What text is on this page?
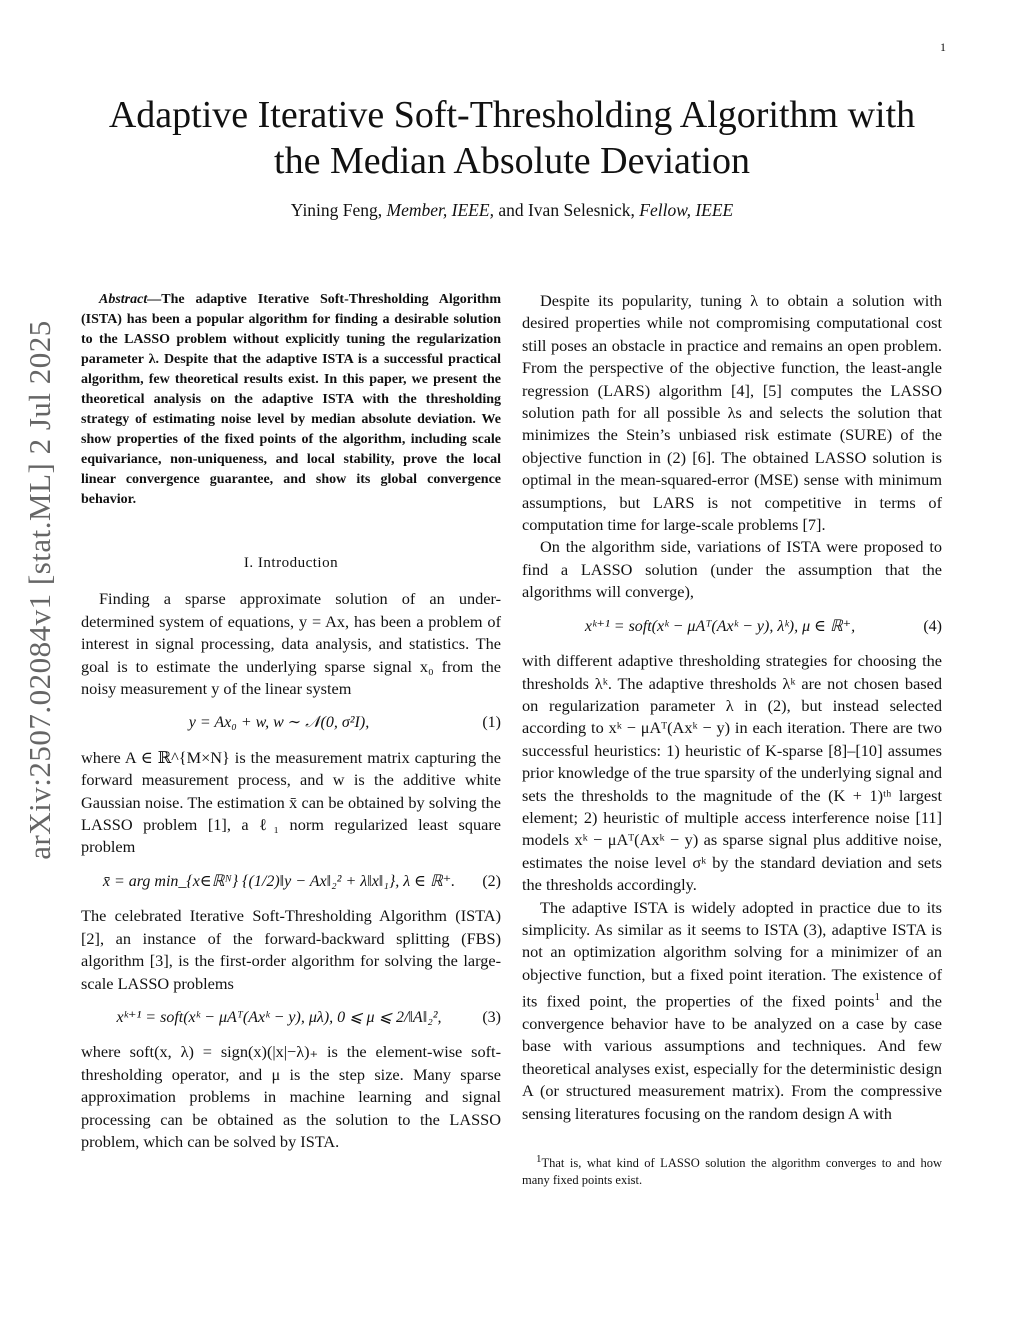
1
arXiv:2507.02084v1 [stat.ML] 2 Jul 2025
Adaptive Iterative Soft-Thresholding Algorithm with the Median Absolute Deviation
Yining Feng, Member, IEEE, and Ivan Selesnick, Fellow, IEEE

Abstract—The adaptive Iterative Soft-Thresholding Algorithm (ISTA) has been a popular algorithm for finding a desirable solution to the LASSO problem without explicitly tuning the regularization parameter λ. Despite that the adaptive ISTA is a successful practical algorithm, few theoretical results exist. In this paper, we present the theoretical analysis on the adaptive ISTA with the thresholding strategy of estimating noise level by median absolute deviation. We show properties of the fixed points of the algorithm, including scale equivariance, non-uniqueness, and local stability, prove the local linear convergence guarantee, and show its global convergence behavior.

I. Introduction

Finding a sparse approximate solution of an under-determined system of equations, y = Ax, has been a problem of interest in signal processing, data analysis, and statistics. The goal is to estimate the underlying sparse signal x₀ from the noisy measurement y of the linear system

y = Ax₀ + w, w ∼ 𝒩(0, σ²I),	(1)

where A ∈ ℝ^{M×N} is the measurement matrix capturing the forward measurement process, and w is the additive white Gaussian noise. The estimation x̄ can be obtained by solving the LASSO problem [1], a ℓ₁ norm regularized least square problem

x̄ = arg min_{x∈ℝᴺ} {(1/2)‖y − Ax‖₂² + λ‖x‖₁}, λ ∈ ℝ⁺.	(2)

The celebrated Iterative Soft-Thresholding Algorithm (ISTA) [2], an instance of the forward-backward splitting (FBS) algorithm [3], is the first-order algorithm for solving the large-scale LASSO problems

xᵏ⁺¹ = soft(xᵏ − μAᵀ(Axᵏ − y), μλ), 0 ⩽ μ ⩽ 2/‖A‖₂²,	(3)

where soft(x, λ) = sign(x)(|x|−λ)₊ is the element-wise soft-thresholding operator, and μ is the step size. Many sparse approximation problems in machine learning and signal processing can be obtained as the solution to the LASSO problem, which can be solved by ISTA.

Despite its popularity, tuning λ to obtain a solution with desired properties while not compromising computational cost still poses an obstacle in practice and remains an open problem. From the perspective of the objective function, the least-angle regression (LARS) algorithm [4], [5] computes the LASSO solution path for all possible λs and selects the solution that minimizes the Stein’s unbiased risk estimate (SURE) of the objective function in (2) [6]. The obtained LASSO solution is optimal in the mean-squared-error (MSE) sense with minimum assumptions, but LARS is not competitive in terms of computation time for large-scale problems [7].

On the algorithm side, variations of ISTA were proposed to find a LASSO solution (under the assumption that the algorithms will converge),

xᵏ⁺¹ = soft(xᵏ − μAᵀ(Axᵏ − y), λᵏ), μ ∈ ℝ⁺,	(4)

with different adaptive thresholding strategies for choosing the thresholds λᵏ. The adaptive thresholds λᵏ are not chosen based on regularization parameter λ in (2), but instead selected according to xᵏ − μAᵀ(Axᵏ − y) in each iteration. There are two successful heuristics: 1) heuristic of K-sparse [8]–[10] assumes prior knowledge of the true sparsity of the underlying signal and sets the thresholds to the magnitude of the (K + 1)ᵗʰ largest element; 2) heuristic of multiple access interference noise [11] models xᵏ − μAᵀ(Axᵏ − y) as sparse signal plus additive noise, estimates the noise level σᵏ by the standard deviation and sets the thresholds accordingly.

The adaptive ISTA is widely adopted in practice due to its simplicity. As similar as it seems to ISTA (3), adaptive ISTA is not an optimization algorithm solving for a minimizer of an objective function, but a fixed point iteration. The existence of its fixed point, the properties of the fixed points$^1$ and the convergence behavior have to be analyzed on a case by case base with various assumptions and techniques. And few theoretical analyses exist, especially for the deterministic design A (or structured measurement matrix). From the compressive sensing literatures focusing on the random design A with

$^1$That is, what kind of LASSO solution the algorithm converges to and how many fixed points exist.
